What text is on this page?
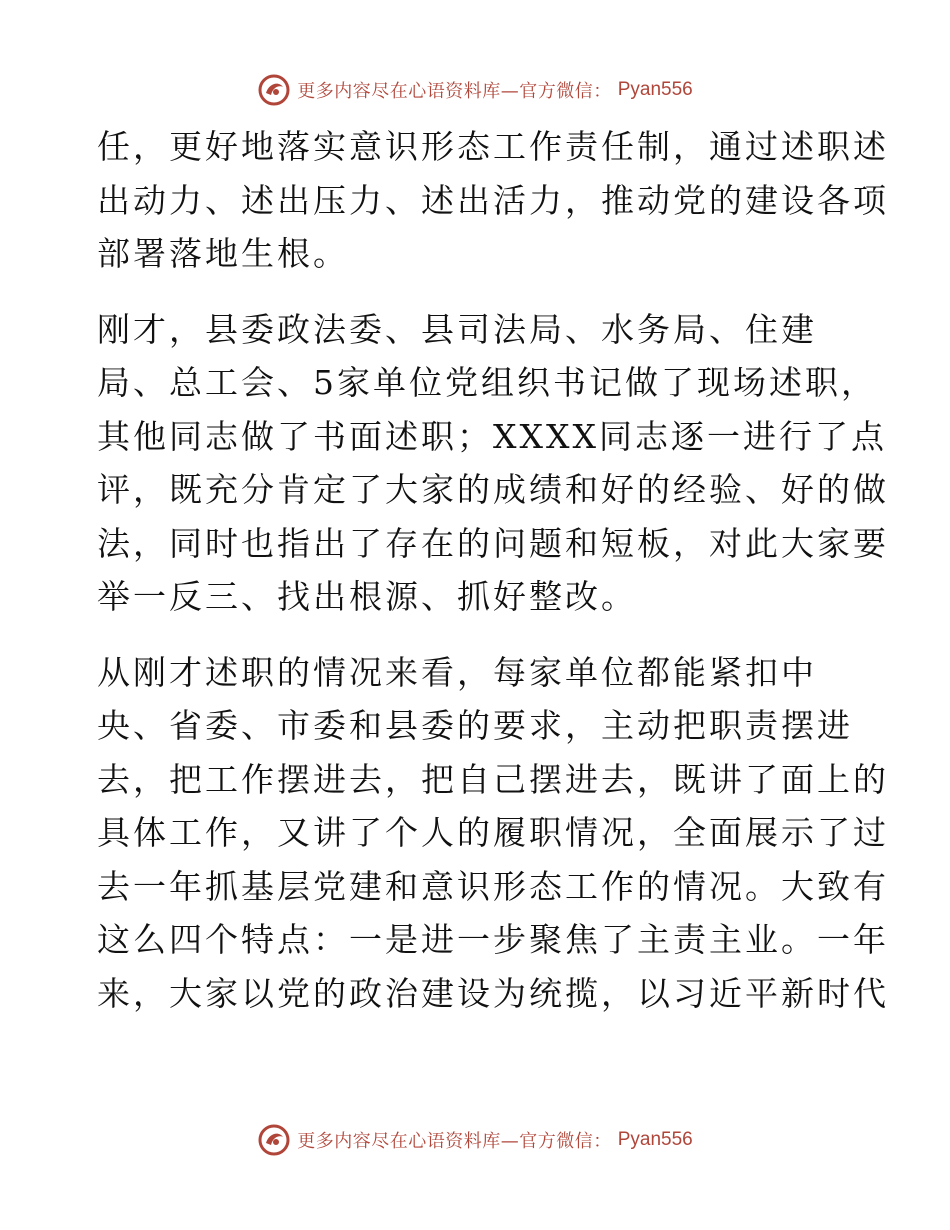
更多内容尽在心语资料库—官方微信： Pyan556

任，更好地落实意识形态工作责任制，通过述职述
出动力、述出压力、述出活力，推动党的建设各项
部署落地生根。

刚才，县委政法委、县司法局、水务局、住建
局、总工会、5家单位党组织书记做了现场述职，
其他同志做了书面述职；XXXX同志逐一进行了点
评，既充分肯定了大家的成绩和好的经验、好的做
法，同时也指出了存在的问题和短板，对此大家要
举一反三、找出根源、抓好整改。

从刚才述职的情况来看，每家单位都能紧扣中
央、省委、市委和县委的要求，主动把职责摆进
去，把工作摆进去，把自己摆进去，既讲了面上的
具体工作，又讲了个人的履职情况，全面展示了过
去一年抓基层党建和意识形态工作的情况。大致有
这么四个特点：一是进一步聚焦了主责主业。一年
来，大家以党的政治建设为统揽，以习近平新时代

更多内容尽在心语资料库—官方微信： Pyan556
